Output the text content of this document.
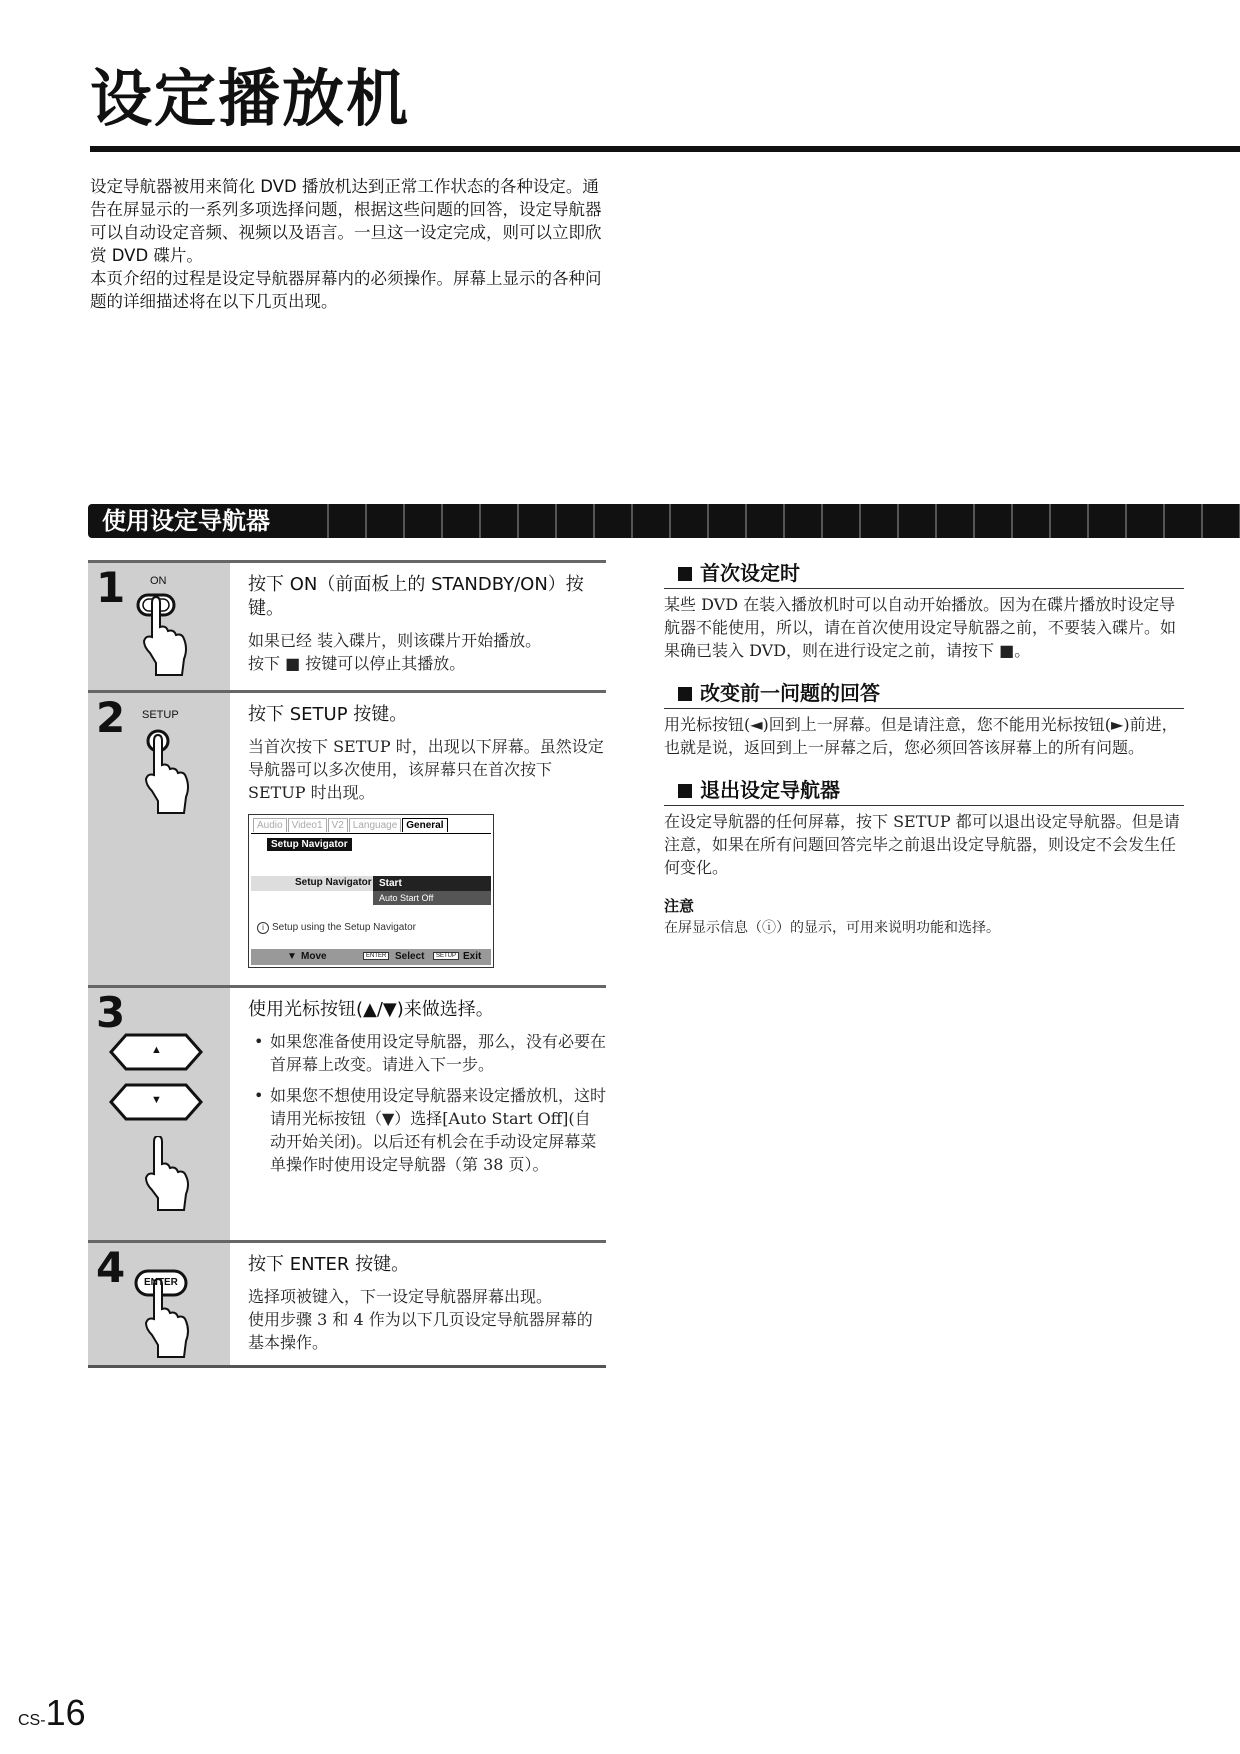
设定播放机

设定导航器被用来简化 DVD 播放机达到正常工作状态的各种设定。通告在屏显示的一系列多项选择问题，根据这些问题的回答，设定导航器可以自动设定音频、视频以及语言。一旦这一设定完成，则可以立即欣赏 DVD 碟片。

本页介绍的过程是设定导航器屏幕内的必须操作。屏幕上显示的各种问题的详细描述将在以下几页出现。

使用设定导航器
1 ON	按下 ON（前面板上的 STANDBY/ON）按键。

如果已经 装入碟片，则该碟片开始播放。

按下 ■ 按键可以停止其播放。

2 SETUP	按下 SETUP 按键。

当首次按下 SETUP 时，出现以下屏幕。虽然设定导航器可以多次使用，该屏幕只在首次按下 SETUP 时出现。

Audio Video1 V2 Language General
Setup Navigator
Setup Navigator Start
Auto Start Off
i Setup using the Setup Navigator
▼ Move	ENTER Select	SETUP Exit
3
▲
▼

使用光标按钮(▲/▼)来做选择。

• 如果您准备使用设定导航器，那么，没有必要在首屏幕上改变。请进入下一步。
• 如果您不想使用设定导航器来设定播放机，这时请用光标按钮（▼）选择[Auto Start Off](自动开始关闭)。以后还有机会在手动设定屏幕菜单操作时使用设定导航器（第 38 页）。
4 ENTER

按下 ENTER 按键。

选择项被键入，下一设定导航器屏幕出现。

使用步骤 3 和 4 作为以下几页设定导航器屏幕的基本操作。

首次设定时

某些 DVD 在装入播放机时可以自动开始播放。因为在碟片播放时设定导航器不能使用，所以，请在首次使用设定导航器之前，不要装入碟片。如果确已装入 DVD，则在进行设定之前，请按下 ■。

改变前一问题的回答

用光标按钮(◄)回到上一屏幕。但是请注意，您不能用光标按钮(►)前进，也就是说，返回到上一屏幕之后，您必须回答该屏幕上的所有问题。

退出设定导航器

在设定导航器的任何屏幕，按下 SETUP 都可以退出设定导航器。但是请注意，如果在所有问题回答完毕之前退出设定导航器，则设定不会发生任何变化。

注意

在屏显示信息（ⓘ）的显示，可用来说明功能和选择。

CS-16
